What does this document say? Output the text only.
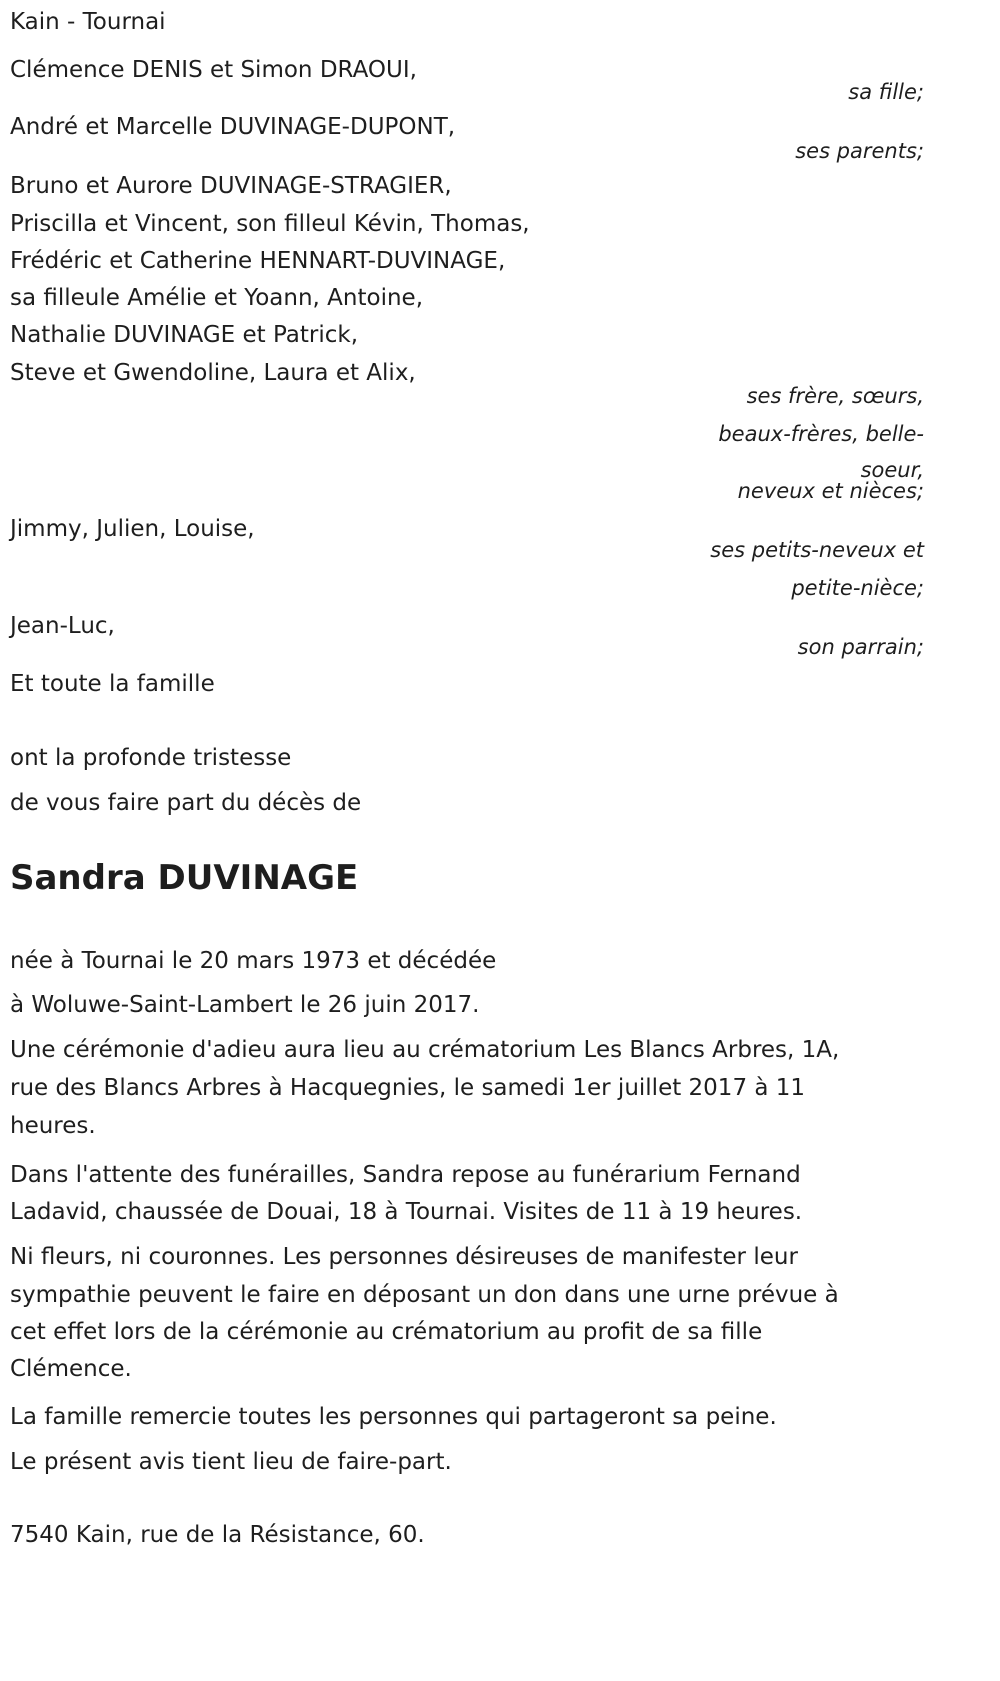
Kain - Tournai
Clémence DENIS et Simon DRAOUI,
sa fille;
André et Marcelle DUVINAGE-DUPONT,
ses parents;
Bruno et Aurore DUVINAGE-STRAGIER,
Priscilla et Vincent, son filleul Kévin, Thomas,
Frédéric et Catherine HENNART-DUVINAGE,
sa filleule Amélie et Yoann, Antoine,
Nathalie DUVINAGE et Patrick,
Steve et Gwendoline, Laura et Alix,
ses frère, sœurs,
beaux-frères, belle-
soeur,
neveux et nièces;
Jimmy, Julien, Louise,
ses petits-neveux et
petite-nièce;
Jean-Luc,
son parrain;
Et toute la famille
ont la profonde tristesse
de vous faire part du décès de
Sandra DUVINAGE
née à Tournai le 20 mars 1973 et décédée
à Woluwe-Saint-Lambert le 26 juin 2017.
Une cérémonie d'adieu aura lieu au crématorium Les Blancs Arbres, 1A,
rue des Blancs Arbres à Hacquegnies, le samedi 1er juillet 2017 à 11
heures.
Dans l'attente des funérailles, Sandra repose au funérarium Fernand
Ladavid, chaussée de Douai, 18 à Tournai. Visites de 11 à 19 heures.
Ni fleurs, ni couronnes. Les personnes désireuses de manifester leur
sympathie peuvent le faire en déposant un don dans une urne prévue à
cet effet lors de la cérémonie au crématorium au profit de sa fille
Clémence.
La famille remercie toutes les personnes qui partageront sa peine.
Le présent avis tient lieu de faire-part.
7540 Kain, rue de la Résistance, 60.
